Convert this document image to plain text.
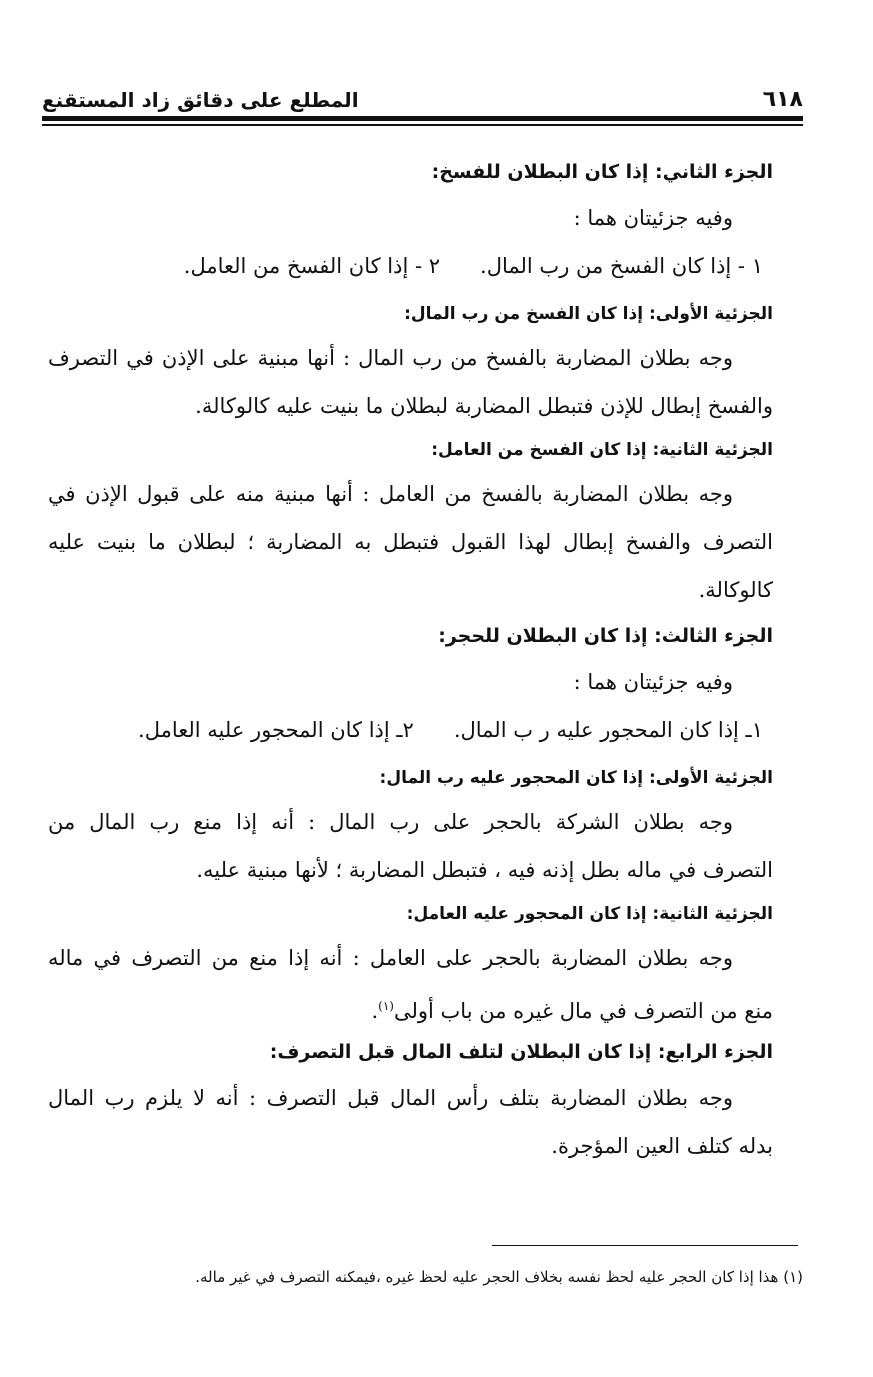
٦١٨
المطلع على دقائق زاد المستقنع

الجزء الثاني: إذا كان البطلان للفسخ:

وفيه جزئيتان هما :

١ - إذا كان الفسخ من رب المال.
٢ - إذا كان الفسخ من العامل.

الجزئية الأولى: إذا كان الفسخ من رب المال:

وجه بطلان المضاربة بالفسخ من رب المال : أنها مبنية على الإذن في التصرف

والفسخ إبطال للإذن فتبطل المضاربة لبطلان ما بنيت عليه كالوكالة.

الجزئية الثانية: إذا كان الفسخ من العامل:

وجه بطلان المضاربة بالفسخ من العامل : أنها مبنية منه على قبول الإذن في

التصرف والفسخ إبطال لهذا القبول فتبطل به المضاربة ؛ لبطلان ما بنيت عليه

كالوكالة.

الجزء الثالث: إذا كان البطلان للحجر:

وفيه جزئيتان هما :

١ـ إذا كان المحجور عليه ر ب المال.
٢ـ إذا كان المحجور عليه العامل.

الجزئية الأولى: إذا كان المحجور عليه رب المال:

وجه بطلان الشركة بالحجر على رب المال : أنه إذا منع رب المال من

التصرف في ماله بطل إذنه فيه ، فتبطل المضاربة ؛ لأنها مبنية عليه.

الجزئية الثانية: إذا كان المحجور عليه العامل:

وجه بطلان المضاربة بالحجر على العامل : أنه إذا منع من التصرف في ماله

منع من التصرف في مال غيره من باب أولى$^{(١)}$.

الجزء الرابع: إذا كان البطلان لتلف المال قبل التصرف:

وجه بطلان المضاربة بتلف رأس المال قبل التصرف : أنه لا يلزم رب المال

بدله كتلف العين المؤجرة.

(١) هذا إذا كان الحجر عليه لحظ نفسه بخلاف الحجر عليه لحظ غيره ،فيمكنه التصرف في غير ماله.
